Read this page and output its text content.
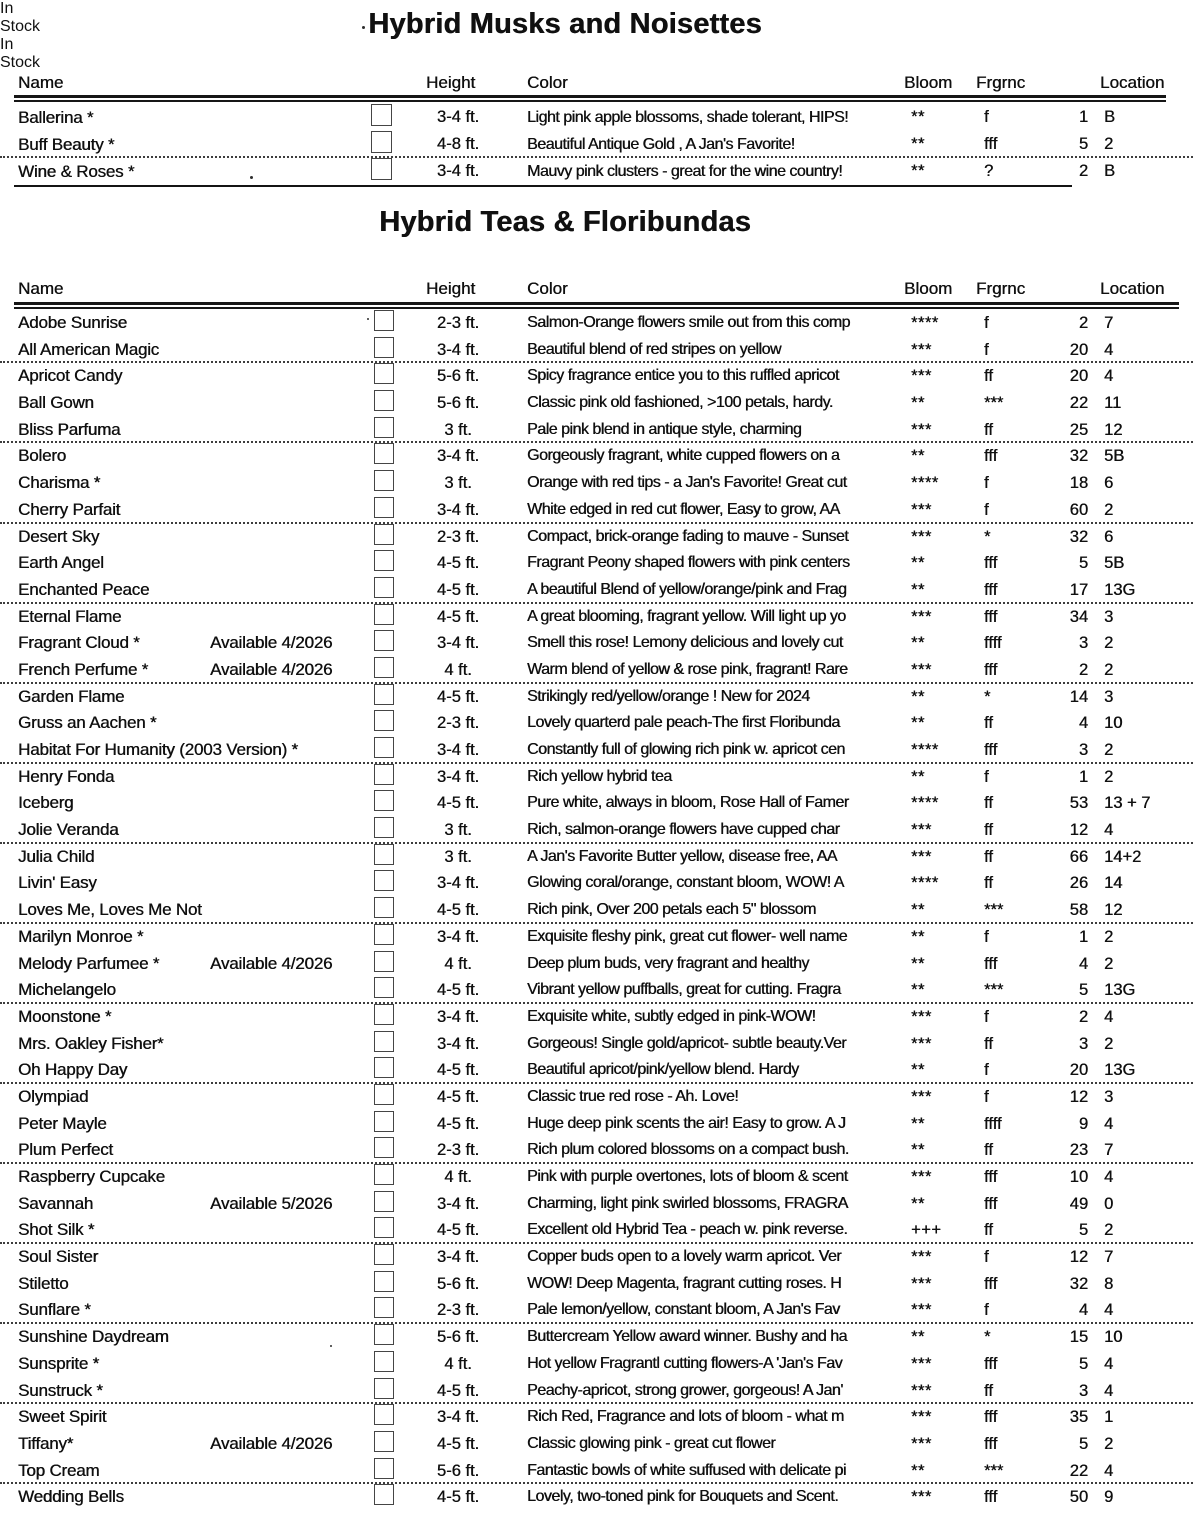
Hybrid Musks and Noisettes
In
Stock
Name	Height	Color	Bloom Frgrnc	Location
Ballerina *	3-4 ft.	Light pink apple blossoms, shade tolerant, HIPS!	**	f	1 B
Buff Beauty *	4-8 ft.	Beautiful Antique Gold , A Jan's Favorite!	**	fff	5 2
Wine & Roses *	3-4 ft.	Mauvy pink clusters - great for the wine country!	**	?	2 B
Hybrid Teas & Floribundas
In
Stock
Name	Height	Color	Bloom Frgrnc	Location
Adobe Sunrise	2-3 ft.	Salmon-Orange flowers smile out from this comp	****	f	2 7
All American Magic	3-4 ft.	Beautiful blend of red stripes on yellow	***	f	20 4
Apricot Candy	5-6 ft.	Spicy fragrance entice you to this ruffled apricot	***	ff	20 4
Ball Gown	5-6 ft.	Classic pink old fashioned, >100 petals, hardy.	**	***	22 11
Bliss Parfuma	3 ft.	Pale pink blend in antique style, charming	***	ff	25 12
Bolero	3-4 ft.	Gorgeously fragrant, white cupped flowers on a	**	fff	32 5B
Charisma *	3 ft.	Orange with red tips - a Jan's Favorite! Great cut	****	f	18 6
Cherry Parfait	3-4 ft.	White edged in red cut flower, Easy to grow, AA	***	f	60 2
Desert Sky	2-3 ft.	Compact, brick-orange fading to mauve - Sunset	***	*	32 6
Earth Angel	4-5 ft.	Fragrant Peony shaped flowers with pink centers	**	fff	5 5B
Enchanted Peace	4-5 ft.	A beautiful Blend of yellow/orange/pink and Frag	**	fff	17 13G
Eternal Flame	4-5 ft.	A great blooming, fragrant yellow. Will light up yo	***	fff	34 3
Fragrant Cloud *	Available 4/2026	3-4 ft.	Smell this rose! Lemony delicious and lovely cut	**	ffff	3 2
French Perfume *	Available 4/2026	4 ft.	Warm blend of yellow & rose pink, fragrant! Rare	***	fff	2 2
Garden Flame	4-5 ft.	Strikingly red/yellow/orange ! New for 2024	**	*	14 3
Gruss an Aachen *	2-3 ft.	Lovely quarterd pale peach-The first Floribunda	**	ff	4 10
Habitat For Humanity (2003 Version) *	3-4 ft.	Constantly full of glowing rich pink w. apricot cen	****	fff	3 2
Henry Fonda	3-4 ft.	Rich yellow hybrid tea	**	f	1 2
Iceberg	4-5 ft.	Pure white, always in bloom, Rose Hall of Famer	****	ff	53 13 + 7
Jolie Veranda	3 ft.	Rich, salmon-orange flowers have cupped char	***	ff	12 4
Julia Child	3 ft.	A Jan's Favorite Butter yellow, disease free, AA	***	ff	66 14+2
Livin' Easy	3-4 ft.	Glowing coral/orange, constant bloom, WOW! A	****	ff	26 14
Loves Me, Loves Me Not	4-5 ft.	Rich pink, Over 200 petals each 5" blossom	**	***	58 12
Marilyn Monroe *	3-4 ft.	Exquisite fleshy pink, great cut flower- well name	**	f	1 2
Melody Parfumee *	Available 4/2026	4 ft.	Deep plum buds, very fragrant and healthy	**	fff	4 2
Michelangelo	4-5 ft.	Vibrant yellow puffballs, great for cutting. Fragra	**	***	5 13G
Moonstone *	3-4 ft.	Exquisite white, subtly edged in pink-WOW!	***	f	2 4
Mrs. Oakley Fisher*	3-4 ft.	Gorgeous! Single gold/apricot- subtle beauty.Ver	***	ff	3 2
Oh Happy Day	4-5 ft.	Beautiful apricot/pink/yellow blend. Hardy	**	f	20 13G
Olympiad	4-5 ft.	Classic true red rose - Ah. Love!	***	f	12 3
Peter Mayle	4-5 ft.	Huge deep pink scents the air! Easy to grow. A J	**	ffff	9 4
Plum Perfect	2-3 ft.	Rich plum colored blossoms on a compact bush.	**	ff	23 7
Raspberry Cupcake	4 ft.	Pink with purple overtones, lots of bloom & scent	***	fff	10 4
Savannah	Available 5/2026	3-4 ft.	Charming, light pink swirled blossoms, FRAGRA	**	fff	49 0
Shot Silk *	4-5 ft.	Excellent old Hybrid Tea - peach w. pink reverse.	+++	ff	5 2
Soul Sister	3-4 ft.	Copper buds open to a lovely warm apricot. Ver	***	f	12 7
Stiletto	5-6 ft.	WOW! Deep Magenta, fragrant cutting roses. H	***	fff	32 8
Sunflare *	2-3 ft.	Pale lemon/yellow, constant bloom, A Jan's Fav	***	f	4 4
Sunshine Daydream	5-6 ft.	Buttercream Yellow award winner. Bushy and ha	**	*	15 10
Sunsprite *	4 ft.	Hot yellow Fragrantl cutting flowers-A 'Jan's Fav	***	fff	5 4
Sunstruck *	4-5 ft.	Peachy-apricot, strong grower, gorgeous! A Jan'	***	ff	3 4
Sweet Spirit	3-4 ft.	Rich Red, Fragrance and lots of bloom - what m	***	fff	35 1
Tiffany*	Available 4/2026	4-5 ft.	Classic glowing pink - great cut flower	***	fff	5 2
Top Cream	5-6 ft.	Fantastic bowls of white suffused with delicate pi	**	***	22 4
Wedding Bells	4-5 ft.	Lovely, two-toned pink for Bouquets and Scent.	***	fff	50 9
